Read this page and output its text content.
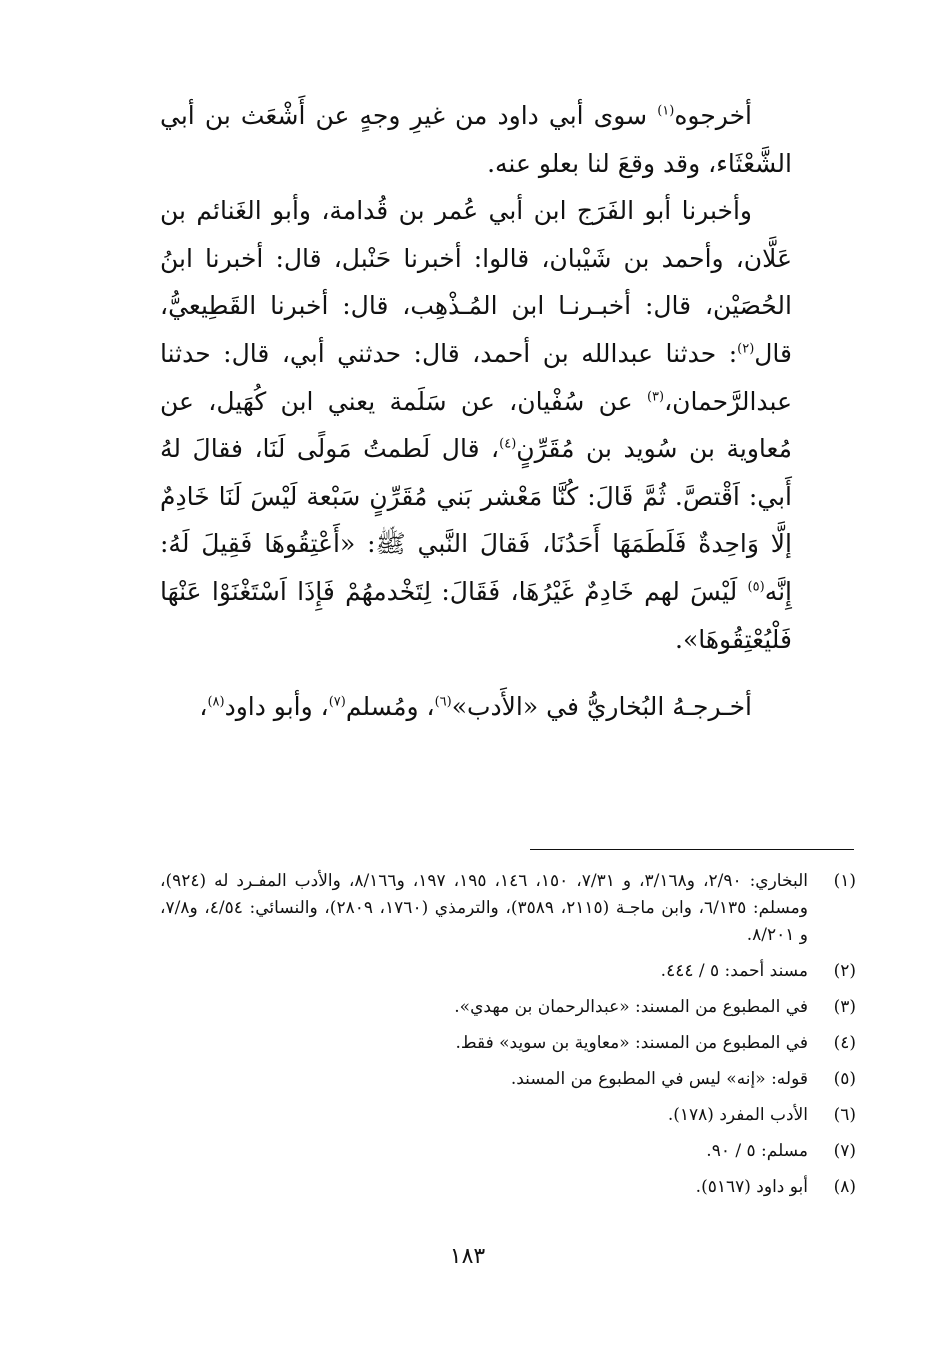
أخرجوه$^{(١)}$ سوى أبي داود من غيرِ وجهٍ عن أَشْعَث بن أبي الشَّعْثَاء، وقد وقعَ لنا بعلو عنه.

وأخبرنا أبو الفَرَج ابن أبي عُمر بن قُدامة، وأبو الغَنائم بن عَلَّان، وأحمد بن شَيْبان، قالوا: أخبرنا حَنْبل، قال: أخبرنا ابنُ الحُصَيْن، قال: أخبـرنـا ابن المُـذْهِب، قال: أخبرنا القَطِيعيُّ، قال$^{(٢)}$: حدثنا عبدالله بن أحمد، قال: حدثني أبي، قال: حدثنا عبدالرَّحمان،$^{(٣)}$ عن سُفْيان، عن سَلَمة يعني ابن كُهَيل، عن مُعاوية بن سُويد بن مُقَرِّنٍ$^{(٤)}$، قال لَطمتُ مَولًى لَنَا، فقالَ لهُ أَبي: اَقْتصَّ. ثُمَّ قَالَ: كُنَّا مَعْشر بَني مُقَرِّنٍ سَبْعة لَيْسَ لَنَا خَادِمٌ إلَّا وَاحِدةٌ فَلَطَمَهَا أَحَدُنَا، فَقالَ النَّبي ﷺ: «أَعْتِقُوهَا فَقِيلَ لَهُ: إِنَّه$^{(٥)}$ لَيْسَ لهم خَادِمٌ غَيْرُهَا، فَقَالَ: لِتَخْدمهُمْ فَإِذَا اَسْتَغْنَوْا عَنْهَا فَلْيُعْتِقُوهَا».

أخـرجـهُ البُخاريُّ في «الأَدب»$^{(٦)}$، ومُسلم$^{(٧)}$، وأبو داود$^{(٨)}$،

(١)
البخاري: ٢/٩٠، و٣/١٦٨، و ٧/٣١، ١٥٠، ١٤٦، ١٩٥، ١٩٧، و٨/١٦٦، والأدب المفـرد له (٩٢٤)، ومسلم: ٦/١٣٥، وابن ماجـة (٢١١٥، ٣٥٨٩)، والترمذي (١٧٦٠، ٢٨٠٩)، والنسائي: ٤/٥٤، و٧/٨، و ٨/٢٠١.
(٢)
مسند أحمد: ٥ / ٤٤٤.
(٣)
في المطبوع من المسند: «عبدالرحمان بن مهدي».
(٤)
في المطبوع من المسند: «معاوية بن سويد» فقط.
(٥)
قوله: «إنه» ليس في المطبوع من المسند.
(٦)
الأدب المفرد (١٧٨).
(٧)
مسلم: ٥ / ٩٠.
(٨)
أبو داود (٥١٦٧).
١٨٣
